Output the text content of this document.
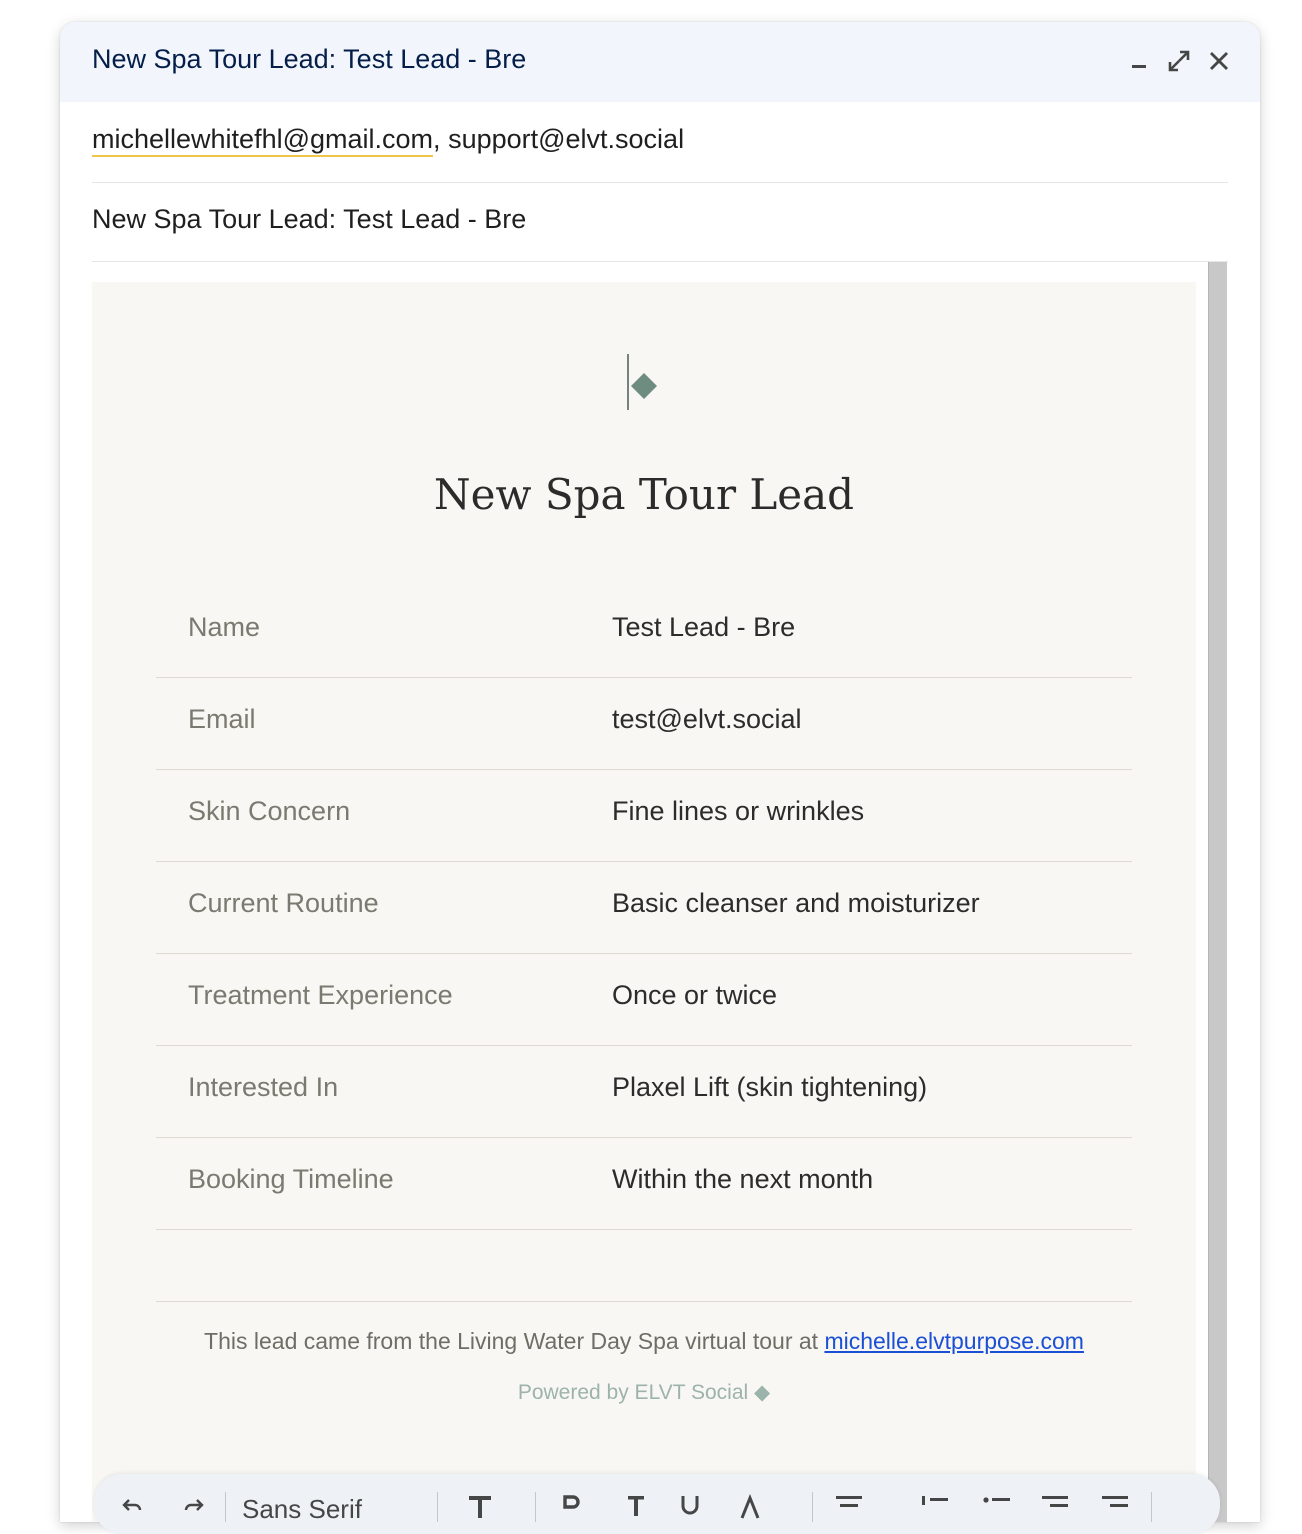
New Spa Tour Lead: Test Lead - Bre
michellewhitefhl@gmail.com, support@elvt.social
New Spa Tour Lead: Test Lead - Bre
New Spa Tour Lead
Name	Test Lead - Bre
Email	test@elvt.social
Skin Concern	Fine lines or wrinkles
Current Routine	Basic cleanser and moisturizer
Treatment Experience	Once or twice
Interested In	Plaxel Lift (skin tightening)
Booking Timeline	Within the next month
This lead came from the Living Water Day Spa virtual tour at michelle.elvtpurpose.com
Powered by ELVT Social ◆
Sans Serif
